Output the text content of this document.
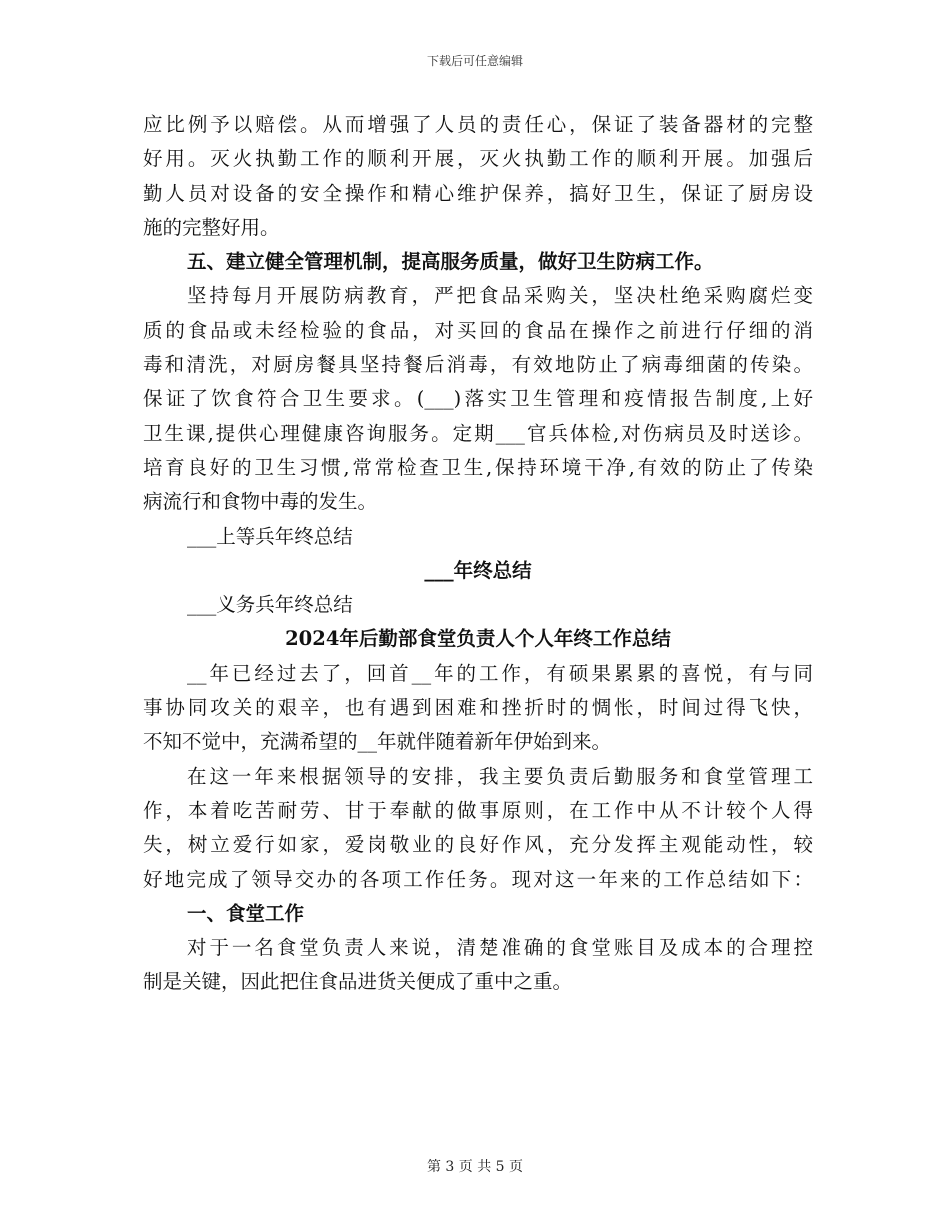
下载后可任意编辑
应比例予以赔偿。从而增强了人员的责任心，保证了装备器材的完整
好用。灭火执勤工作的顺利开展，灭火执勤工作的顺利开展。加强后
勤人员对设备的安全操作和精心维护保养，搞好卫生，保证了厨房设
施的完整好用。
五、建立健全管理机制，提高服务质量，做好卫生防病工作。
坚持每月开展防病教育，严把食品采购关，坚决杜绝采购腐烂变
质的食品或未经检验的食品，对买回的食品在操作之前进行仔细的消
毒和清洗，对厨房餐具坚持餐后消毒，有效地防止了病毒细菌的传染。
保证了饮食符合卫生要求。(___)落实卫生管理和疫情报告制度,上好
卫生课,提供心理健康咨询服务。定期___官兵体检,对伤病员及时送诊。
培育良好的卫生习惯,常常检查卫生,保持环境干净,有效的防止了传染
病流行和食物中毒的发生。
___上等兵年终总结
___年终总结
___义务兵年终总结
2024年后勤部食堂负责人个人年终工作总结
__年已经过去了，回首__年的工作，有硕果累累的喜悦，有与同
事协同攻关的艰辛，也有遇到困难和挫折时的惆怅，时间过得飞快，
不知不觉中，充满希望的__年就伴随着新年伊始到来。
在这一年来根据领导的安排，我主要负责后勤服务和食堂管理工
作，本着吃苦耐劳、甘于奉献的做事原则，在工作中从不计较个人得
失，树立爱行如家，爱岗敬业的良好作风，充分发挥主观能动性，较
好地完成了领导交办的各项工作任务。现对这一年来的工作总结如下：
一、食堂工作
对于一名食堂负责人来说，清楚准确的食堂账目及成本的合理控
制是关键，因此把住食品进货关便成了重中之重。
第 3 页 共 5 页
